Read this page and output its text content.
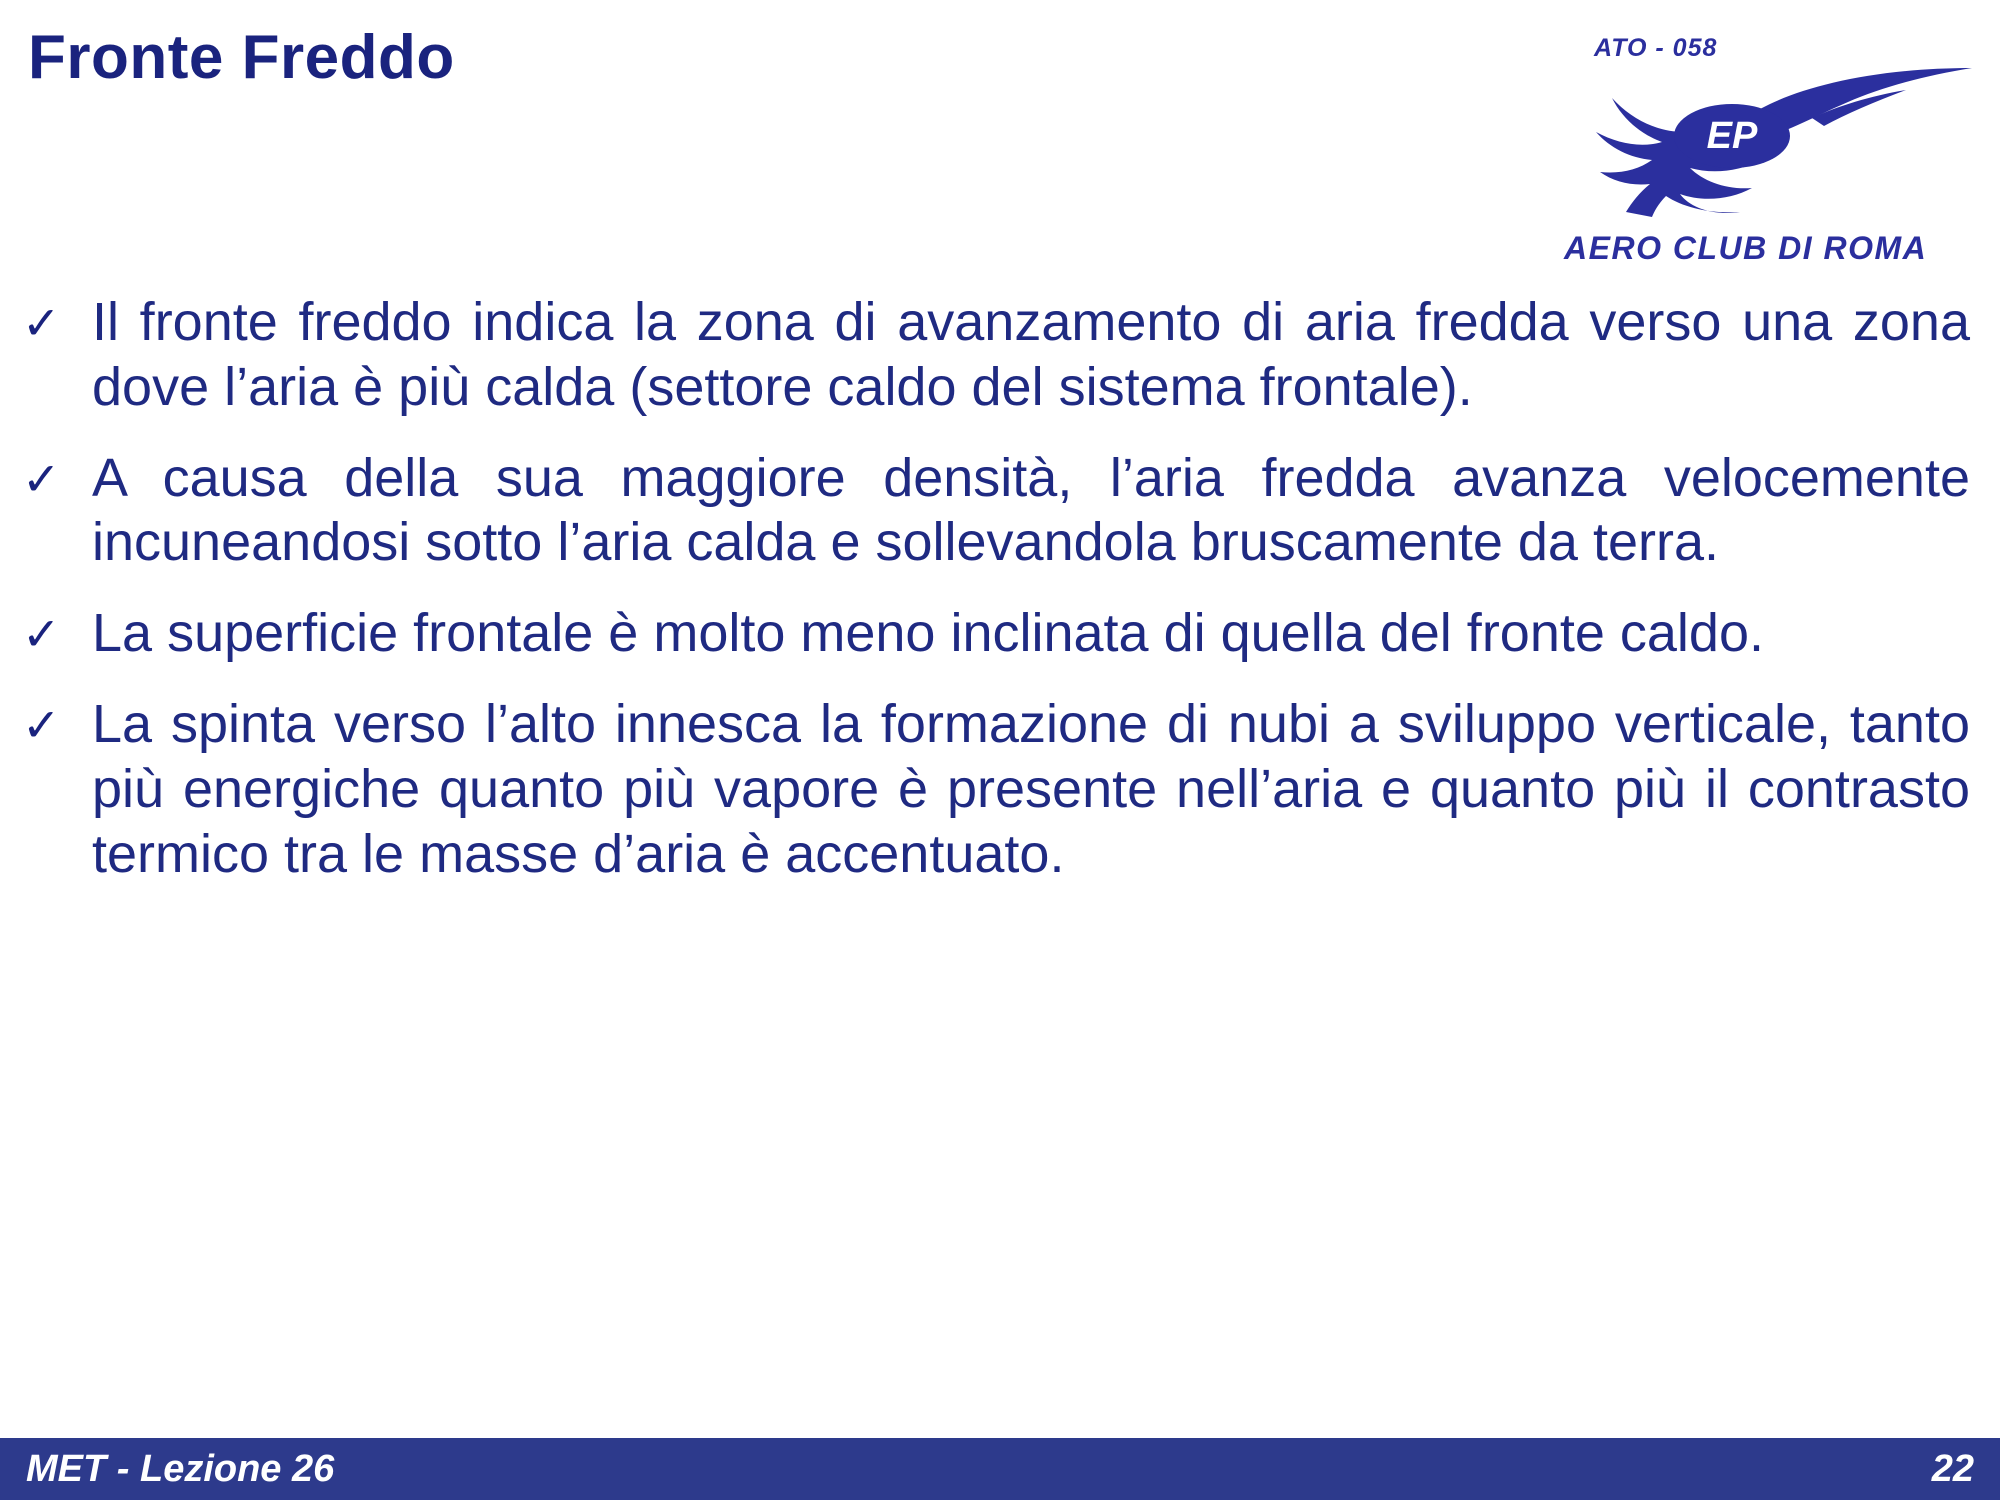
Fronte Freddo	ATO - 058
EP
AERO CLUB DI ROMA
✓ Il fronte freddo indica la zona di avanzamento di aria fredda verso una zona dove l’aria è più calda (settore caldo del sistema frontale).
✓ A causa della sua maggiore densità, l’aria fredda avanza velocemente incuneandosi sotto l’aria calda e sollevandola bruscamente da terra.
✓ La superficie frontale è molto meno inclinata di quella del fronte caldo.
✓ La spinta verso l’alto innesca la formazione di nubi a sviluppo verticale, tanto più energiche quanto più vapore è presente nell’aria e quanto più il contrasto termico tra le masse d’aria è accentuato.
MET - Lezione 26	22
